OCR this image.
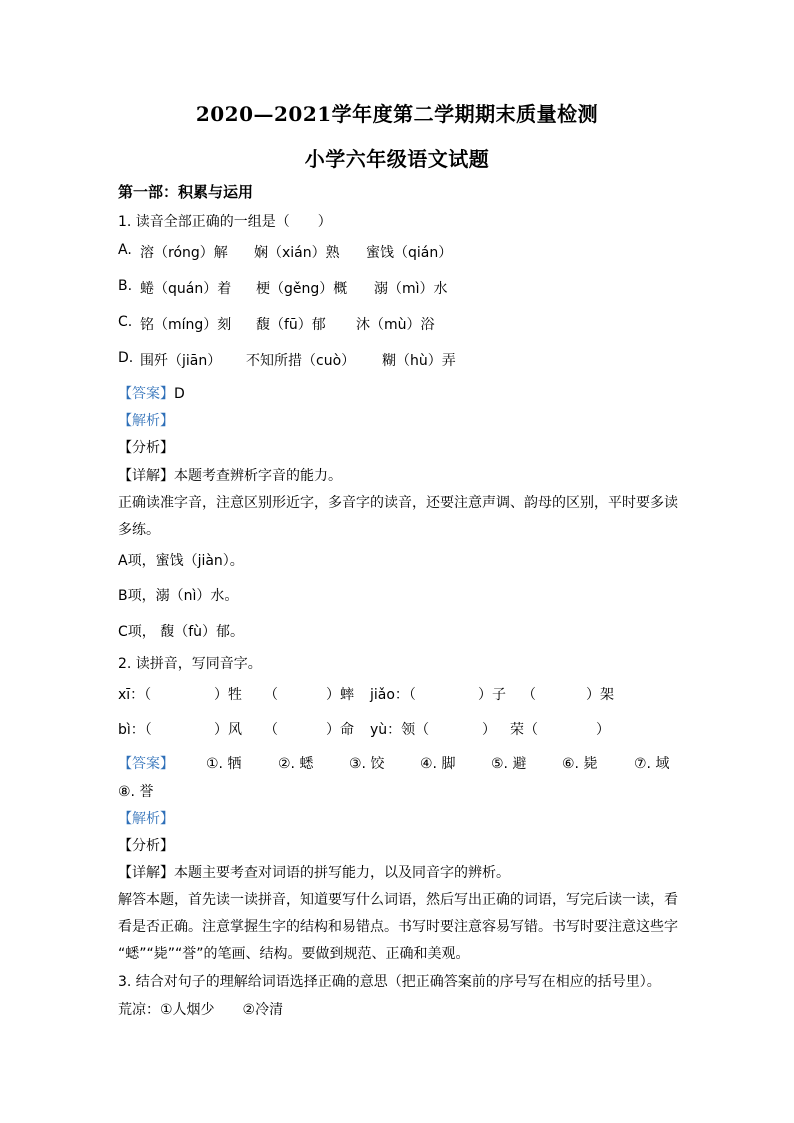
2020—2021学年度第二学期期末质量检测
小学六年级语文试题
第一部：积累与运用
1. 读音全部正确的一组是（　　）
A. 溶（róng）解 娴（xián）熟 蜜饯（qián）
B. 蜷（quán）着 梗（gěng）概 溺（mì）水
C. 铭（míng）刻 馥（fū）郁 沐（mù）浴
D. 围歼（jiān） 不知所措（cuò） 糊（hù）弄
【答案】D
【解析】
【分析】
【详解】本题考查辨析字音的能力。
正确读准字音，注意区别形近字，多音字的读音，还要注意声调、韵母的区别，平时要多读
多练。
A项，蜜饯（jiàn）。
B项，溺（nì）水。
C项， 馥（fù）郁。
2. 读拼音，写同音字。
xī：（	）牲 （	）蟀 jiǎo：（	）子 （	）架
bì：（	）风 （	）命 yù：领（	） 荣（	）
【答案】 ①. 牺	②. 蟋	③. 饺	④. 脚	⑤. 避	⑥. 毙	⑦. 域
⑧. 誉
【解析】
【分析】
【详解】本题主要考查对词语的拼写能力，以及同音字的辨析。
解答本题，首先读一读拼音，知道要写什么词语，然后写出正确的词语，写完后读一读，看
看是否正确。注意掌握生字的结构和易错点。书写时要注意容易写错。书写时要注意这些字
“蟋”“毙”“誉”的笔画、结构。要做到规范、正确和美观。
3. 结合对句子的理解给词语选择正确的意思（把正确答案前的序号写在相应的括号里）。
荒凉：①人烟少　　②冷清
